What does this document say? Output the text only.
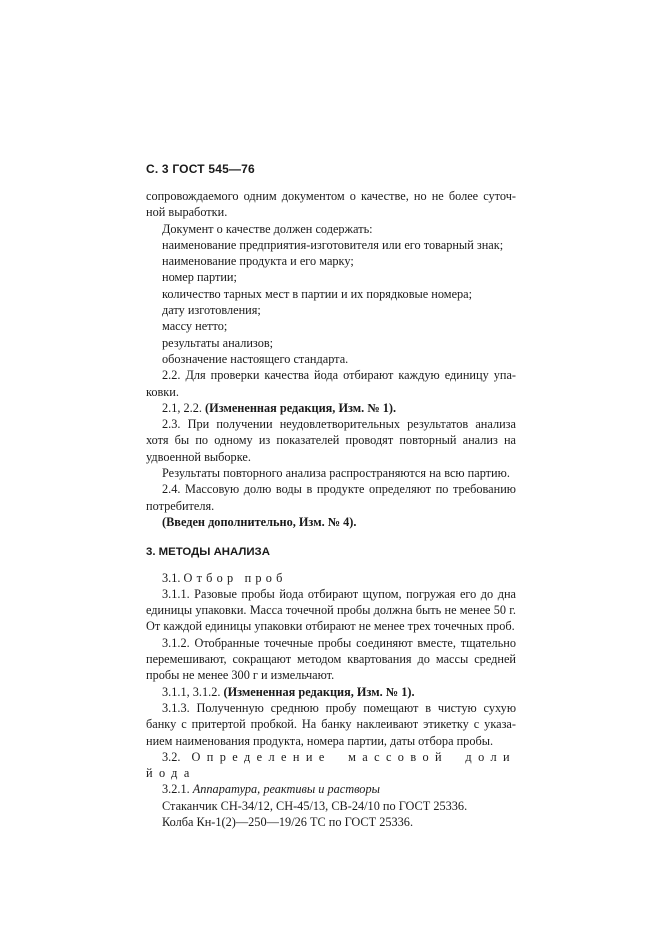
С. 3 ГОСТ 545—76

сопровождаемого одним документом о качестве, но не более суточ-ной выработки.

Документ о качестве должен содержать:

наименование предприятия-изготовителя или его товарный знак;

наименование продукта и его марку;

номер партии;

количество тарных мест в партии и их порядковые номера;

дату изготовления;

массу нетто;

результаты анализов;

обозначение настоящего стандарта.

2.2. Для проверки качества йода отбирают каждую единицу упа-ковки.

2.1, 2.2. (Измененная редакция, Изм. № 1).

2.3. При получении неудовлетворительных результатов анализа хотя бы по одному из показателей проводят повторный анализ на удвоенной выборке.

Результаты повторного анализа распространяются на всю партию.

2.4. Массовую долю воды в продукте определяют по требованию потребителя.

(Введен дополнительно, Изм. № 4).

3. МЕТОДЫ АНАЛИЗА

3.1. Отбор проб

3.1.1. Разовые пробы йода отбирают щупом, погружая его до дна единицы упаковки. Масса точечной пробы должна быть не менее 50 г. От каждой единицы упаковки отбирают не менее трех точечных проб.

3.1.2. Отобранные точечные пробы соединяют вместе, тщательно перемешивают, сокращают методом квартования до массы средней пробы не менее 300 г и измельчают.

3.1.1, 3.1.2. (Измененная редакция, Изм. № 1).

3.1.3. Полученную среднюю пробу помещают в чистую сухую банку с притертой пробкой. На банку наклеивают этикетку с указа-нием наименования продукта, номера партии, даты отбора пробы.

3.2. Определение массовой доли йода

3.2.1. Аппаратура, реактивы и растворы

Стаканчик СН-34/12, СН-45/13, СВ-24/10 по ГОСТ 25336.

Колба Кн-1(2)—250—19/26 ТС по ГОСТ 25336.
